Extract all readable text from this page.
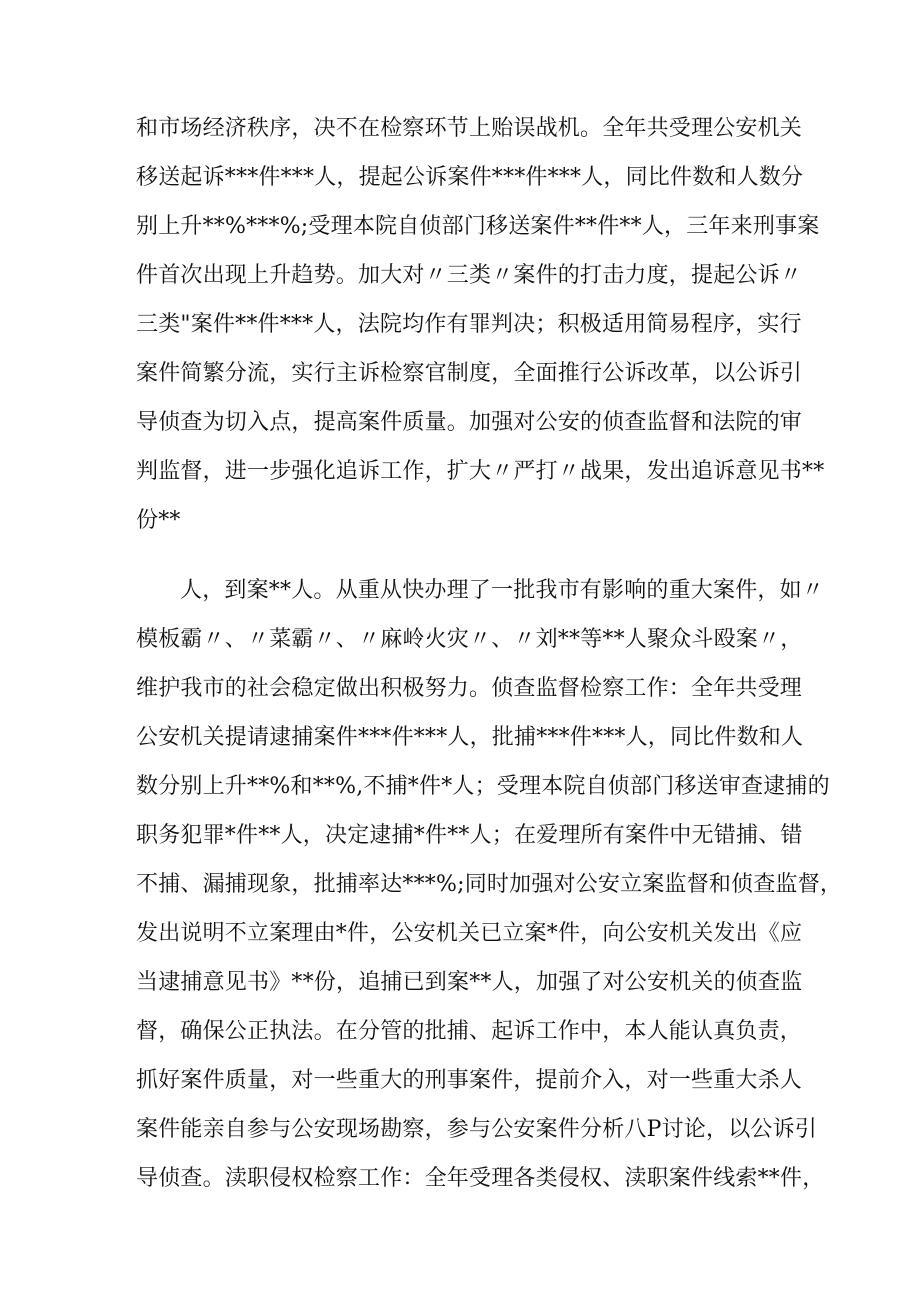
和市场经济秩序，决不在检察环节上贻误战机。全年共受理公安机关
移送起诉***件***人，提起公诉案件***件***人，同比件数和人数分
别上升**%***%;受理本院自侦部门移送案件**件**人，三年来刑事案
件首次出现上升趋势。加大对〃三类〃案件的打击力度，提起公诉〃
三类"案件**件***人，法院均作有罪判决；积极适用简易程序，实行
案件简繁分流，实行主诉检察官制度，全面推行公诉改革，以公诉引
导侦查为切入点，提高案件质量。加强对公安的侦查监督和法院的审
判监督，进一步强化追诉工作，扩大〃严打〃战果，发出追诉意见书**
份**
人，到案**人。从重从快办理了一批我市有影响的重大案件，如〃
模板霸〃、〃菜霸〃、〃麻岭火灾〃、〃刘**等**人聚众斗殴案〃，
维护我市的社会稳定做出积极努力。侦查监督检察工作：全年共受理
公安机关提请逮捕案件***件***人，批捕***件***人，同比件数和人
数分别上升**%和**%,不捕*件*人；受理本院自侦部门移送审查逮捕的
职务犯罪*件**人，决定逮捕*件**人；在爱理所有案件中无错捕、错
不捕、漏捕现象，批捕率达***%;同时加强对公安立案监督和侦查监督，
发出说明不立案理由*件，公安机关已立案*件，向公安机关发出《应
当逮捕意见书》**份，追捕已到案**人，加强了对公安机关的侦查监
督，确保公正执法。在分管的批捕、起诉工作中，本人能认真负责，
抓好案件质量，对一些重大的刑事案件，提前介入，对一些重大杀人
案件能亲自参与公安现场勘察，参与公安案件分析八P讨论，以公诉引
导侦查。渎职侵权检察工作：全年受理各类侵权、渎职案件线索**件，
